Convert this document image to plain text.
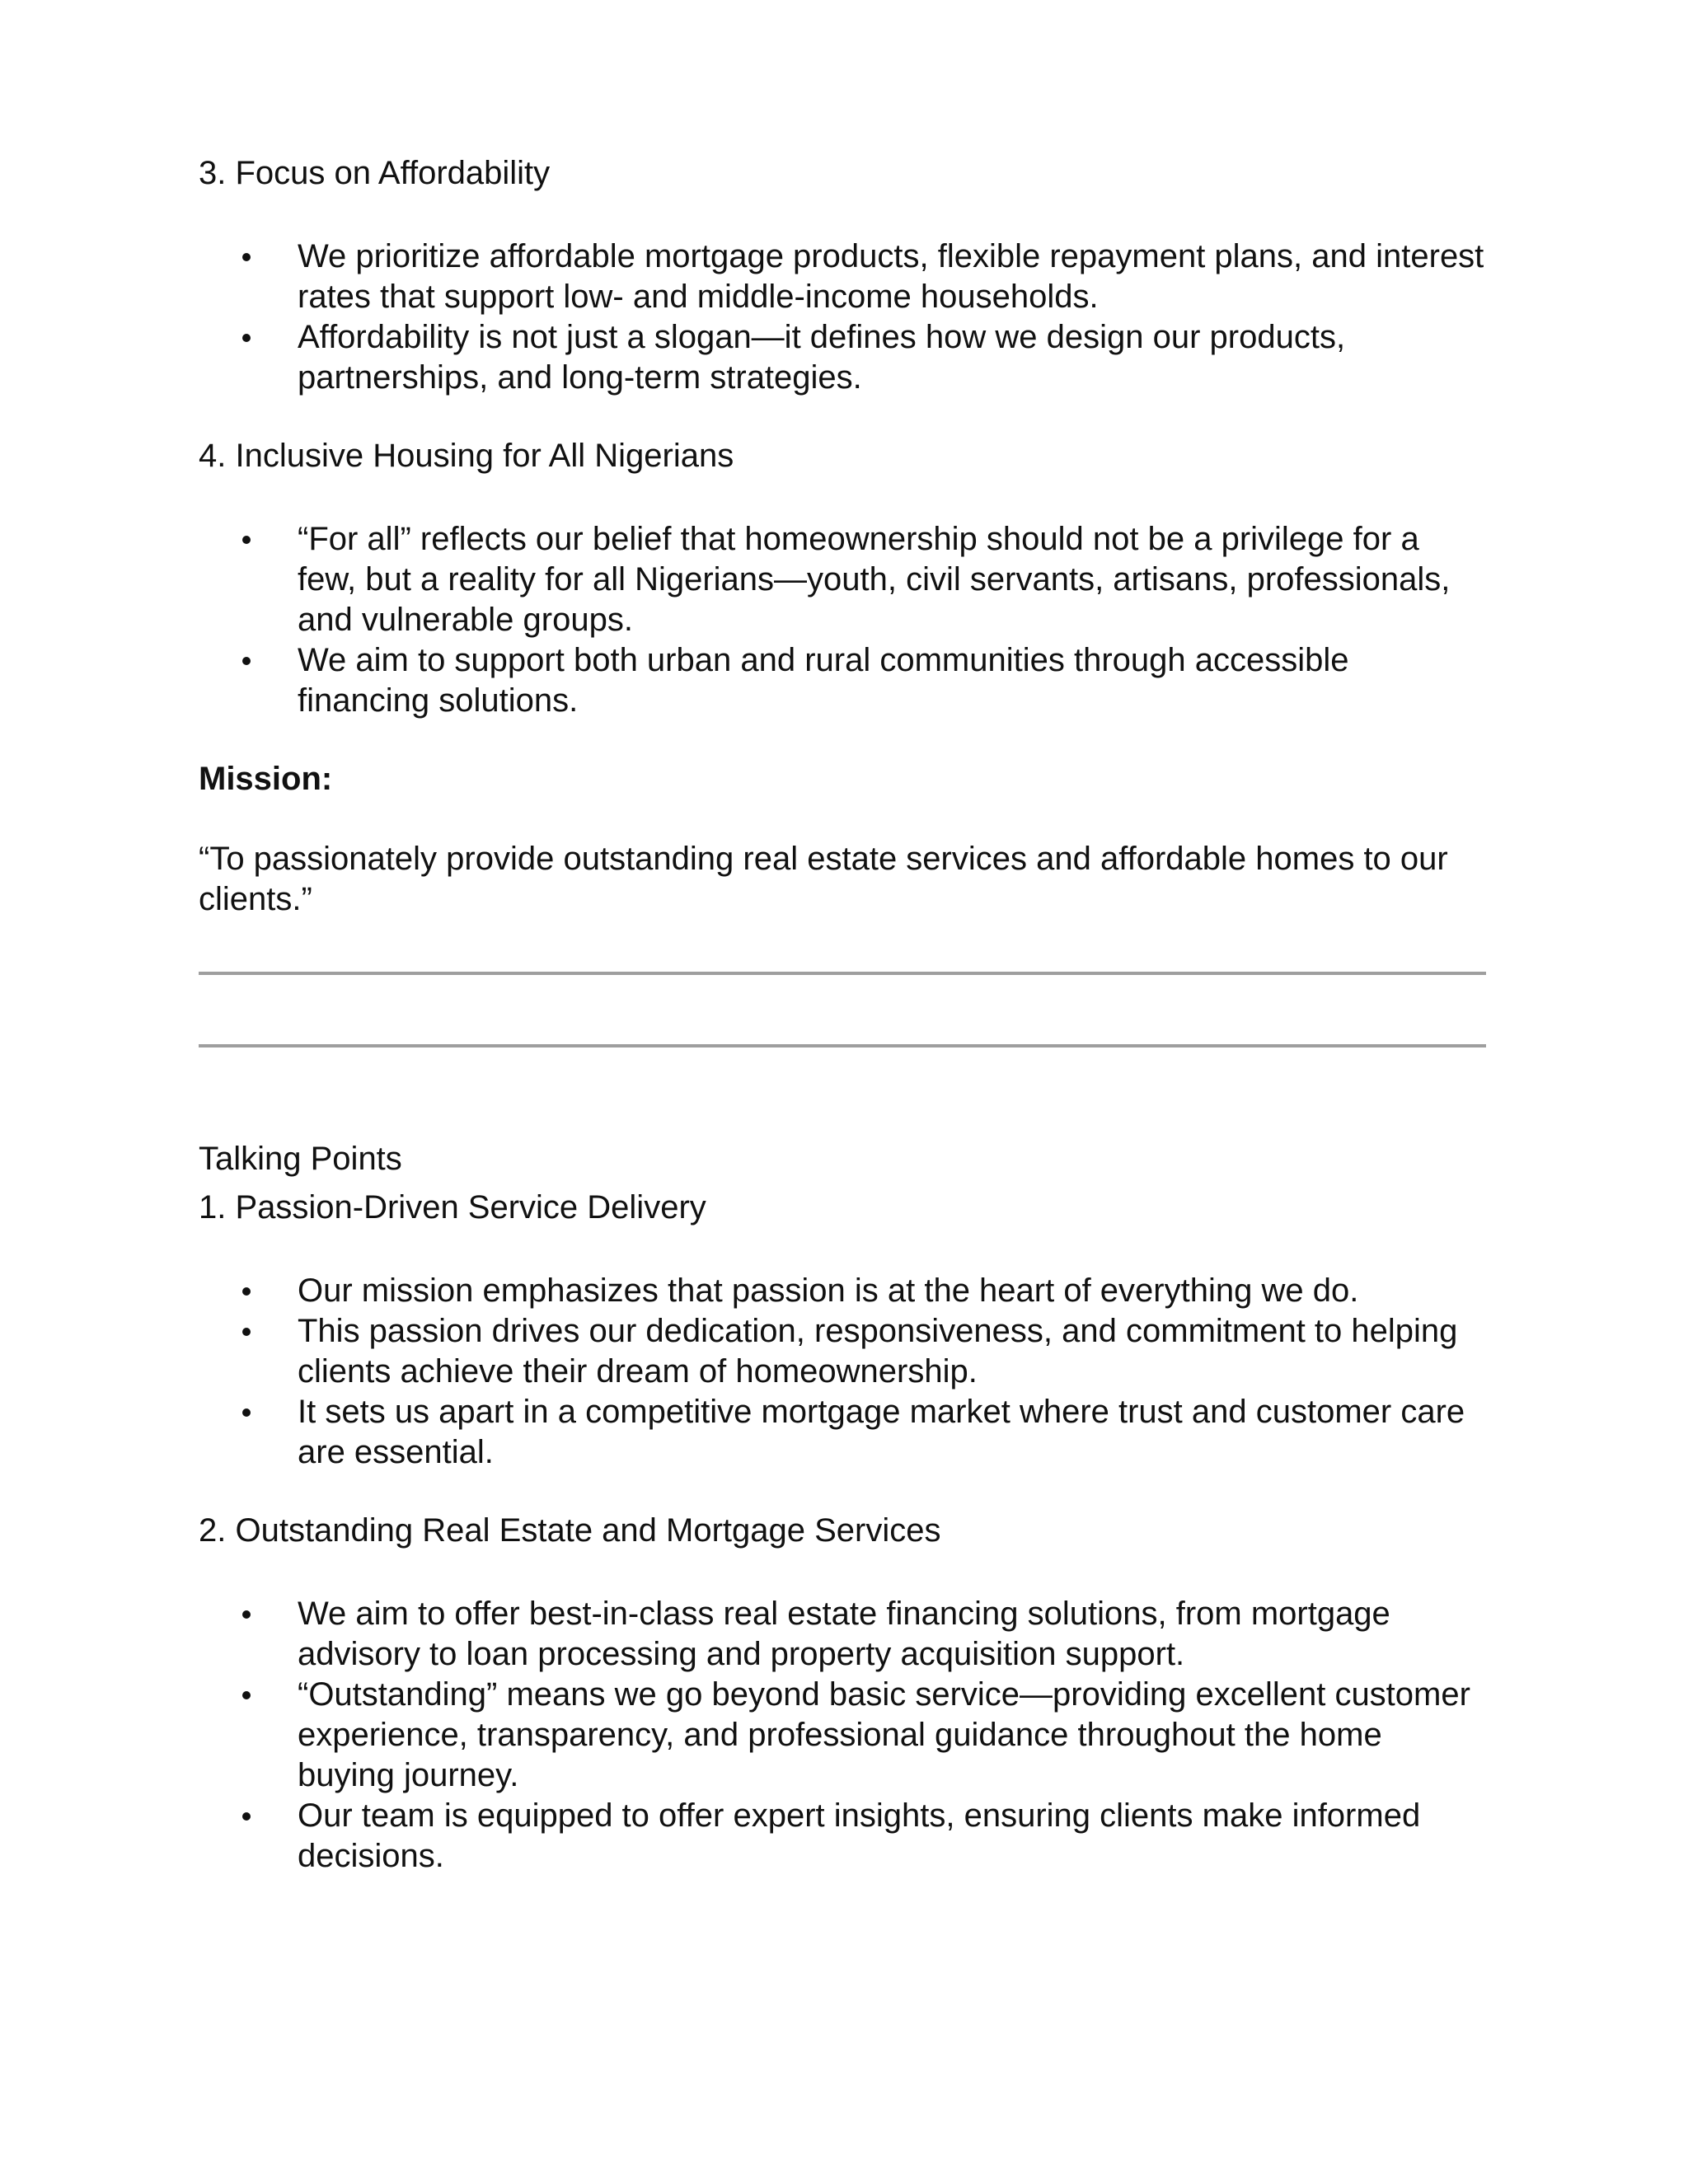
3. Focus on Affordability

We prioritize affordable mortgage products, flexible repayment plans, and interest rates that support low- and middle-income households.
Affordability is not just a slogan—it defines how we design our products, partnerships, and long-term strategies.

4. Inclusive Housing for All Nigerians

“For all” reflects our belief that homeownership should not be a privilege for a few, but a reality for all Nigerians—youth, civil servants, artisans, professionals, and vulnerable groups.
We aim to support both urban and rural communities through accessible financing solutions.

Mission:

“To passionately provide outstanding real estate services and affordable homes to our clients.”

Talking Points

1. Passion-Driven Service Delivery

Our mission emphasizes that passion is at the heart of everything we do.
This passion drives our dedication, responsiveness, and commitment to helping clients achieve their dream of homeownership.
It sets us apart in a competitive mortgage market where trust and customer care are essential.

2. Outstanding Real Estate and Mortgage Services

We aim to offer best-in-class real estate financing solutions, from mortgage advisory to loan processing and property acquisition support.
“Outstanding” means we go beyond basic service—providing excellent customer experience, transparency, and professional guidance throughout the home buying journey.
Our team is equipped to offer expert insights, ensuring clients make informed decisions.
